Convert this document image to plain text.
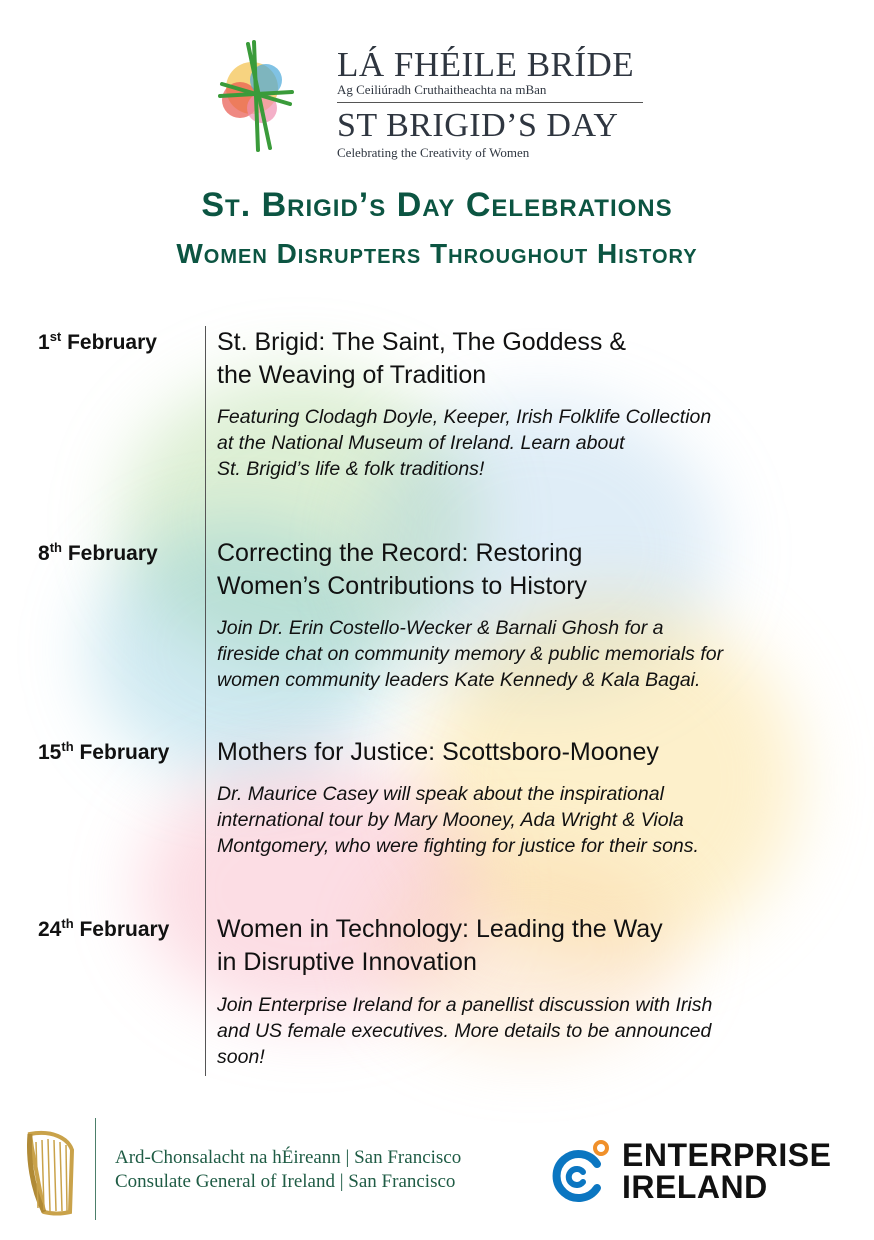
LÁ FHÉILE BRÍDE
Ag Ceiliúradh Cruthaitheachta na mBan
ST BRIGID’S DAY
Celebrating the Creativity of Women
St. Brigid’s Day Celebrations
Women Disrupters Throughout History
1st February St. Brigid: The Saint, The Goddess &
the Weaving of Tradition
Featuring Clodagh Doyle, Keeper, Irish Folklife Collection
at the National Museum of Ireland. Learn about
St. Brigid’s life & folk traditions!
8th February Correcting the Record: Restoring
Women’s Contributions to History
Join Dr. Erin Costello-Wecker & Barnali Ghosh for a
fireside chat on community memory & public memorials for
women community leaders Kate Kennedy & Kala Bagai.
15th February Mothers for Justice: Scottsboro-Mooney
Dr. Maurice Casey will speak about the inspirational
international tour by Mary Mooney, Ada Wright & Viola
Montgomery, who were fighting for justice for their sons.
24th February Women in Technology: Leading the Way
in Disruptive Innovation
Join Enterprise Ireland for a panellist discussion with Irish
and US female executives. More details to be announced
soon!
Ard-Chonsalacht na hÉireann | San Francisco
Consulate General of Ireland | San Francisco
ENTERPRISE
IRELAND
